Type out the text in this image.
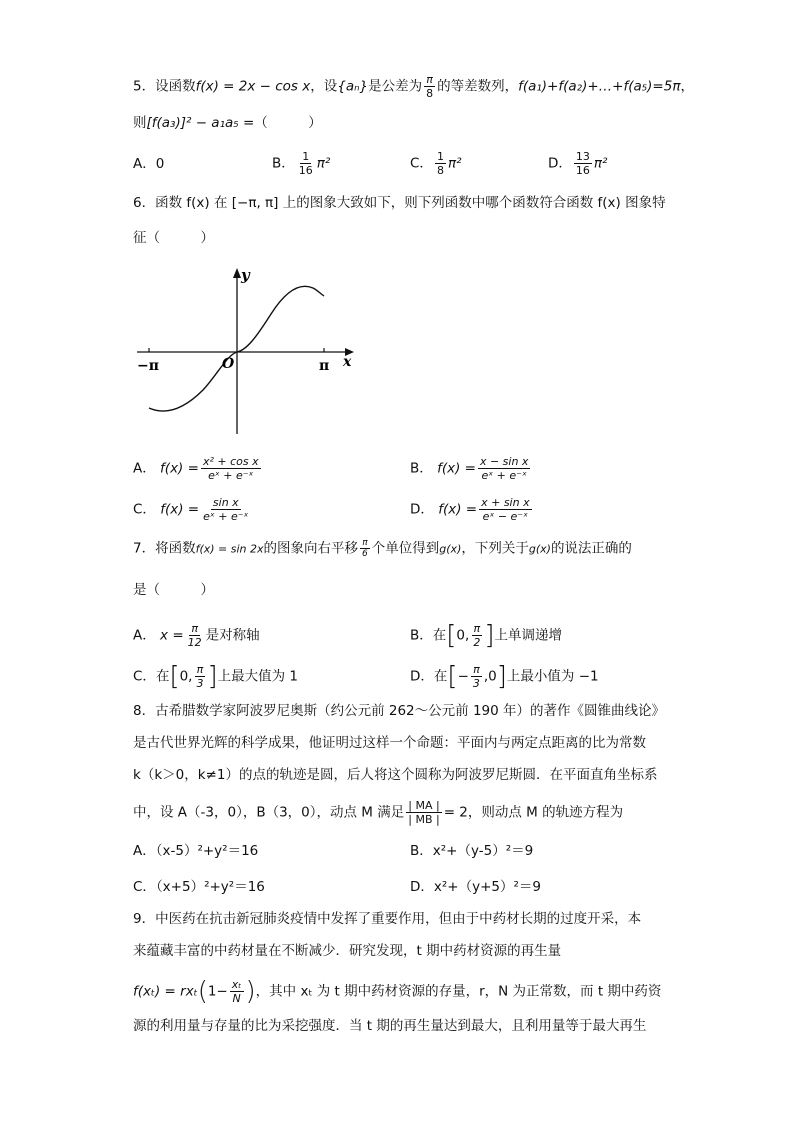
5．设函数f(x) = 2x − cos x，设{aₙ}是公差为 $\frac{\pi}{8}$ 的等差数列，f(a₁)+f(a₂)+…+f(a₅)=5π，
则[f(a₃)]² − a₁a₅ =（　　　）
A．0	B． $\frac{1}{16} \pi^2$	C． $\frac{1}{8} \pi^2$	D． $\frac{13}{16} \pi^2$
6．函数 f(x) 在 [−π, π] 上的图象大致如下，则下列函数中哪个函数符合函数 f(x) 图象特
征（　　　）
y
x
O
−π	π
A． $f(x) = \frac{\text{x² + cos x}}{\text{eˣ + e⁻ˣ}}$	B． $f(x) = \frac{\text{x − sin x}}{\text{eˣ + e⁻ˣ}}$
C． $f(x) = \frac{\text{sin x}}{\text{eˣ + e⁻ˣ}}$	D． $f(x) = \frac{\text{x + sin x}}{\text{eˣ − e⁻ˣ}}$
7．将函数f(x) = sin 2x的图象向右平移 $\frac{\pi}{6}$ 个单位得到g(x)，下列关于g(x)的说法正确的
是（　　　）
A． $x = \frac{\pi}{12}$ 是对称轴	B．在[0, $\frac{\pi}{2}$ ]上单调递增
C．在[0, $\frac{\pi}{3}$ ]上最大值为 1	D．在[− $\frac{\pi}{3} ,0$]上最小值为 −1
8．古希腊数学家阿波罗尼奥斯（约公元前 262～公元前 190 年）的著作《圆锥曲线论》
是古代世界光辉的科学成果，他证明过这样一个命题：平面内与两定点距离的比为常数
k（k＞0，k≠1）的点的轨迹是圆，后人将这个圆称为阿波罗尼斯圆．在平面直角坐标系
中，设 A（-3，0），B（3，0），动点 M 满足 $\frac{| MA |}{| MB |} = 2$，则动点 M 的轨迹方程为
A．（x-5）²+y²＝16	B．x²+（y-5）²＝9
C．（x+5）²+y²＝16	D．x²+（y+5）²＝9
9．中医药在抗击新冠肺炎疫情中发挥了重要作用，但由于中药材长期的过度开采，本
来蕴藏丰富的中药材量在不断减少．研究发现，t 期中药材资源的再生量
$f(x_t) = rx_t(1- \frac{\text{xₜ}}{N}$ )，其中 xₜ 为 t 期中药材资源的存量，r，N 为正常数，而 t 期中药资
源的利用量与存量的比为采挖强度．当 t 期的再生量达到最大，且利用量等于最大再生
